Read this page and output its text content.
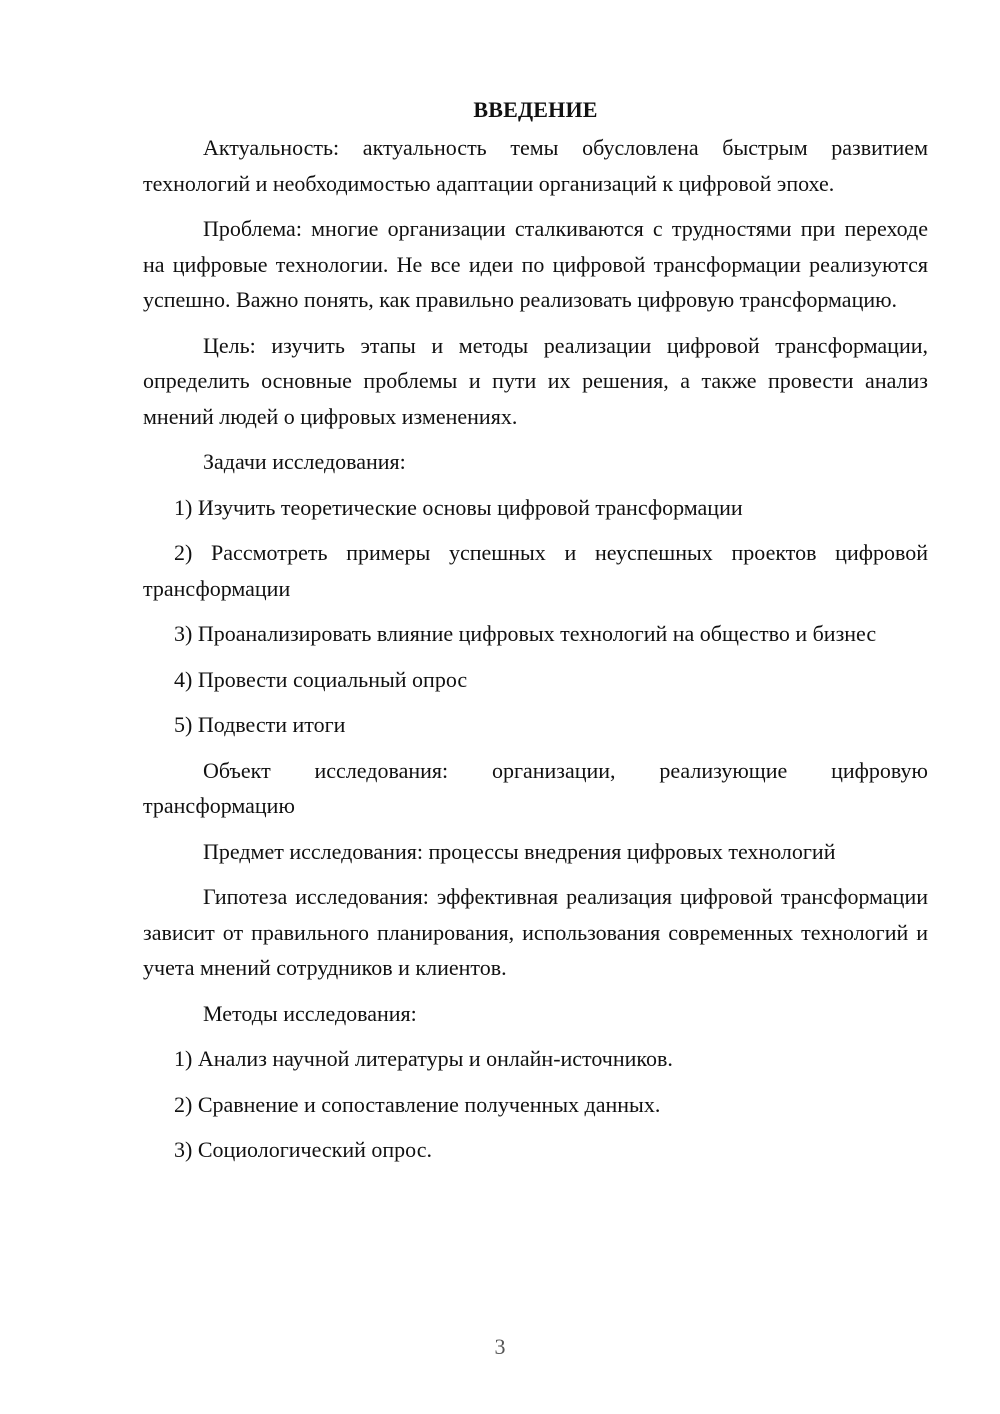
ВВЕДЕНИЕ

Актуальность: актуальность темы обусловлена быстрым развитием технологий и необходимостью адаптации организаций к цифровой эпохе.

Проблема: многие организации сталкиваются с трудностями при переходе на цифровые технологии. Не все идеи по цифровой трансформации реализуются успешно. Важно понять, как правильно реализовать цифровую трансформацию.

Цель: изучить этапы и методы реализации цифровой трансформации, определить основные проблемы и пути их решения, а также провести анализ мнений людей о цифровых изменениях.

Задачи исследования:

1) Изучить теоретические основы цифровой трансформации

2) Рассмотреть примеры успешных и неуспешных проектов цифровой трансформации

3) Проанализировать влияние цифровых технологий на общество и бизнес

4) Провести социальный опрос

5) Подвести итоги

Объект исследования: организации, реализующие цифровую трансформацию

Предмет исследования: процессы внедрения цифровых технологий

Гипотеза исследования: эффективная реализация цифровой трансформации зависит от правильного планирования, использования современных технологий и учета мнений сотрудников и клиентов.

Методы исследования:

1) Анализ научной литературы и онлайн-источников.

2) Сравнение и сопоставление полученных данных.

3) Социологический опрос.

3
